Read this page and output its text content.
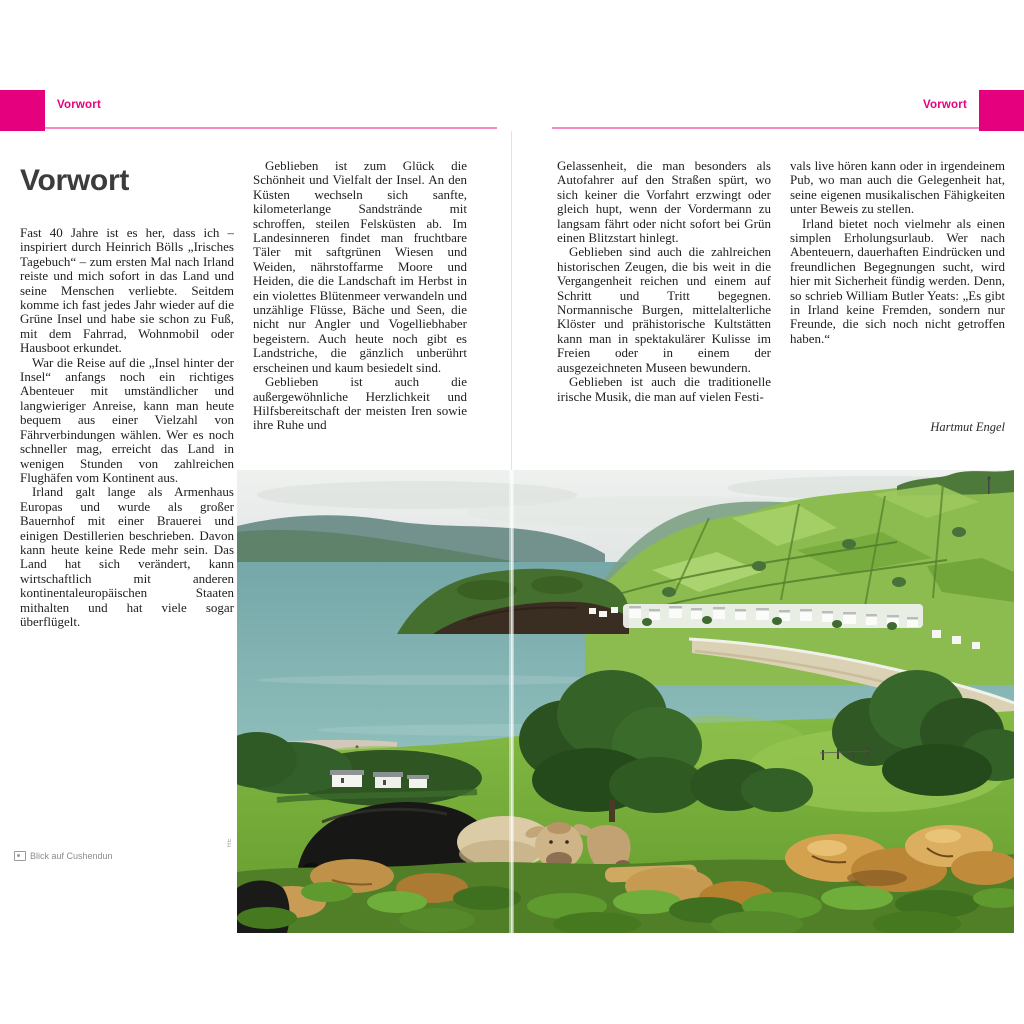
Vorwort	Vorwort
Vorwort

Fast 40 Jahre ist es her, dass ich – inspiriert durch Heinrich Bölls „Irisches Tagebuch“ – zum ersten Mal nach Irland reiste und mich sofort in das Land und seine Menschen verliebte. Seitdem komme ich fast jedes Jahr wieder auf die Grüne Insel und habe sie schon zu Fuß, mit dem Fahrrad, Wohnmobil oder Hausboot erkundet.

War die Reise auf die „Insel hinter der Insel“ anfangs noch ein richtiges Abenteuer mit umständlicher und langwieriger Anreise, kann man heute bequem aus einer Vielzahl von Fährverbindungen wählen. Wer es noch schneller mag, erreicht das Land in wenigen Stunden von zahlreichen Flughäfen vom Kontinent aus.

Irland galt lange als Armenhaus Europas und wurde als großer Bauernhof mit einer Brauerei und einigen Destillerien beschrieben. Davon kann heute keine Rede mehr sein. Das Land hat sich verändert, kann wirtschaftlich mit anderen kontinentaleuropäischen Staaten mithalten und hat viele sogar überflügelt.

Geblieben ist zum Glück die Schönheit und Vielfalt der Insel. An den Küsten wechseln sich sanfte, kilometerlange Sandstrände mit schroffen, steilen Felsküsten ab. Im Landesinneren findet man fruchtbare Täler mit saftgrünen Wiesen und Weiden, nährstoffarme Moore und Heiden, die die Landschaft im Herbst in ein violettes Blütenmeer verwandeln und unzählige Flüsse, Bäche und Seen, die nicht nur Angler und Vogelliebhaber begeistern. Auch heute noch gibt es Landstriche, die gänzlich unberührt erscheinen und kaum besiedelt sind.

Geblieben ist auch die außergewöhnliche Herzlichkeit und Hilfsbereitschaft der meisten Iren sowie ihre Ruhe und

Gelassenheit, die man besonders als Autofahrer auf den Straßen spürt, wo sich keiner die Vorfahrt erzwingt oder gleich hupt, wenn der Vordermann zu langsam fährt oder nicht sofort bei Grün einen Blitzstart hinlegt.

Geblieben sind auch die zahlreichen historischen Zeugen, die bis weit in die Vergangenheit reichen und einem auf Schritt und Tritt begegnen. Normannische Burgen, mittelalterliche Klöster und prähistorische Kultstätten kann man in spektakulärer Kulisse im Freien oder in einem der ausgezeichneten Museen bewundern.

Geblieben ist auch die traditionelle irische Musik, die man auf vielen Festi-

vals live hören kann oder in irgendeinem Pub, wo man auch die Gelegenheit hat, seine eigenen musikalischen Fähigkeiten unter Beweis zu stellen.

Irland bietet noch vielmehr als einen simplen Erholungsurlaub. Wer nach Abenteuern, dauerhaften Eindrücken und freundlichen Begegnungen sucht, wird hier mit Sicherheit fündig werden. Denn, so schrieb William Butler Yeats: „Es gibt in Irland keine Fremden, sondern nur Freunde, die sich noch nicht getroffen haben.“

Hartmut Engel
Blick auf Cushendun
HE
